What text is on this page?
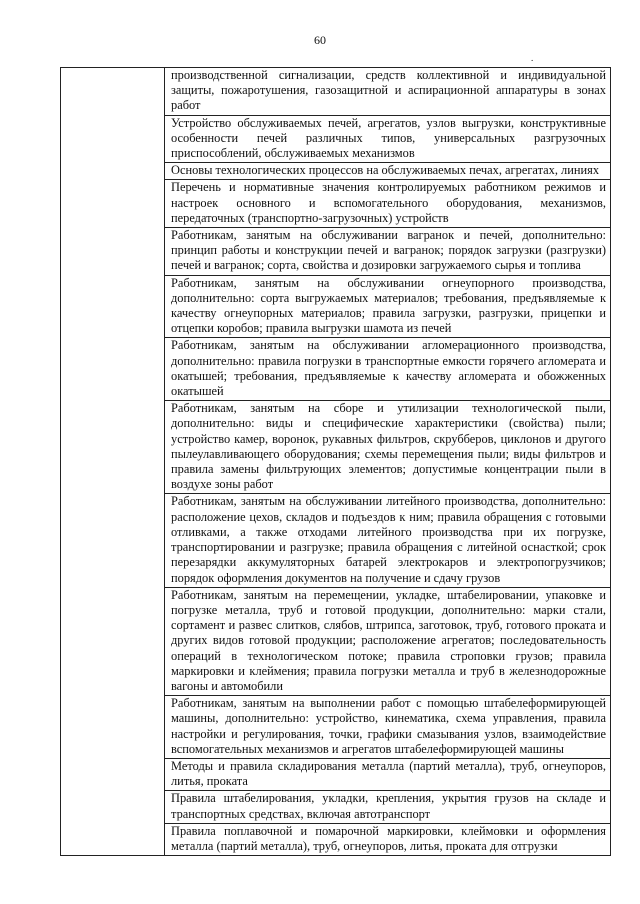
60
.
	производственной сигнализации, средств коллективной и индивидуальной защиты, пожаротушения, газозащитной и аспирационной аппаратуры в зонах работ
Устройство обслуживаемых печей, агрегатов, узлов выгрузки, конструктивные особенности печей различных типов, универсальных разгрузочных приспособлений, обслуживаемых механизмов
Основы технологических процессов на обслуживаемых печах, агрегатах, линиях
Перечень и нормативные значения контролируемых работником режимов и настроек основного и вспомогательного оборудования, механизмов, передаточных (транспортно-загрузочных) устройств
Работникам, занятым на обслуживании вагранок и печей, дополнительно: принцип работы и конструкции печей и вагранок; порядок загрузки (разгрузки) печей и вагранок; сорта, свойства и дозировки загружаемого сырья и топлива
Работникам, занятым на обслуживании огнеупорного производства, дополнительно: сорта выгружаемых материалов; требования, предъявляемые к качеству огнеупорных материалов; правила загрузки, разгрузки, прицепки и отцепки коробов; правила выгрузки шамота из печей
Работникам, занятым на обслуживании агломерационного производства, дополнительно: правила погрузки в транспортные емкости горячего агломерата и окатышей; требования, предъявляемые к качеству агломерата и обожженных окатышей
Работникам, занятым на сборе и утилизации технологической пыли, дополнительно: виды и специфические характеристики (свойства) пыли; устройство камер, воронок, рукавных фильтров, скрубберов, циклонов и другого пылеулавливающего оборудования; схемы перемещения пыли; виды фильтров и правила замены фильтрующих элементов; допустимые концентрации пыли в воздухе зоны работ
Работникам, занятым на обслуживании литейного производства, дополнительно: расположение цехов, складов и подъездов к ним; правила обращения с готовыми отливками, а также отходами литейного производства при их погрузке, транспортировании и разгрузке; правила обращения с литейной оснасткой; срок перезарядки аккумуляторных батарей электрокаров и электропогрузчиков; порядок оформления документов на получение и сдачу грузов
Работникам, занятым на перемещении, укладке, штабелировании, упаковке и погрузке металла, труб и готовой продукции, дополнительно: марки стали, сортамент и развес слитков, слябов, штрипса, заготовок, труб, готового проката и других видов готовой продукции; расположение агрегатов; последовательность операций в технологическом потоке; правила строповки грузов; правила маркировки и клеймения; правила погрузки металла и труб в железнодорожные вагоны и автомобили
Работникам, занятым на выполнении работ с помощью штабелеформирующей машины, дополнительно: устройство, кинематика, схема управления, правила настройки и регулирования, точки, графики смазывания узлов, взаимодействие вспомогательных механизмов и агрегатов штабелеформирующей машины
Методы и правила складирования металла (партий металла), труб, огнеупоров, литья, проката
Правила штабелирования, укладки, крепления, укрытия грузов на складе и транспортных средствах, включая автотранспорт
Правила поплавочной и помарочной маркировки, клеймовки и оформления металла (партий металла), труб, огнеупоров, литья, проката для отгрузки
